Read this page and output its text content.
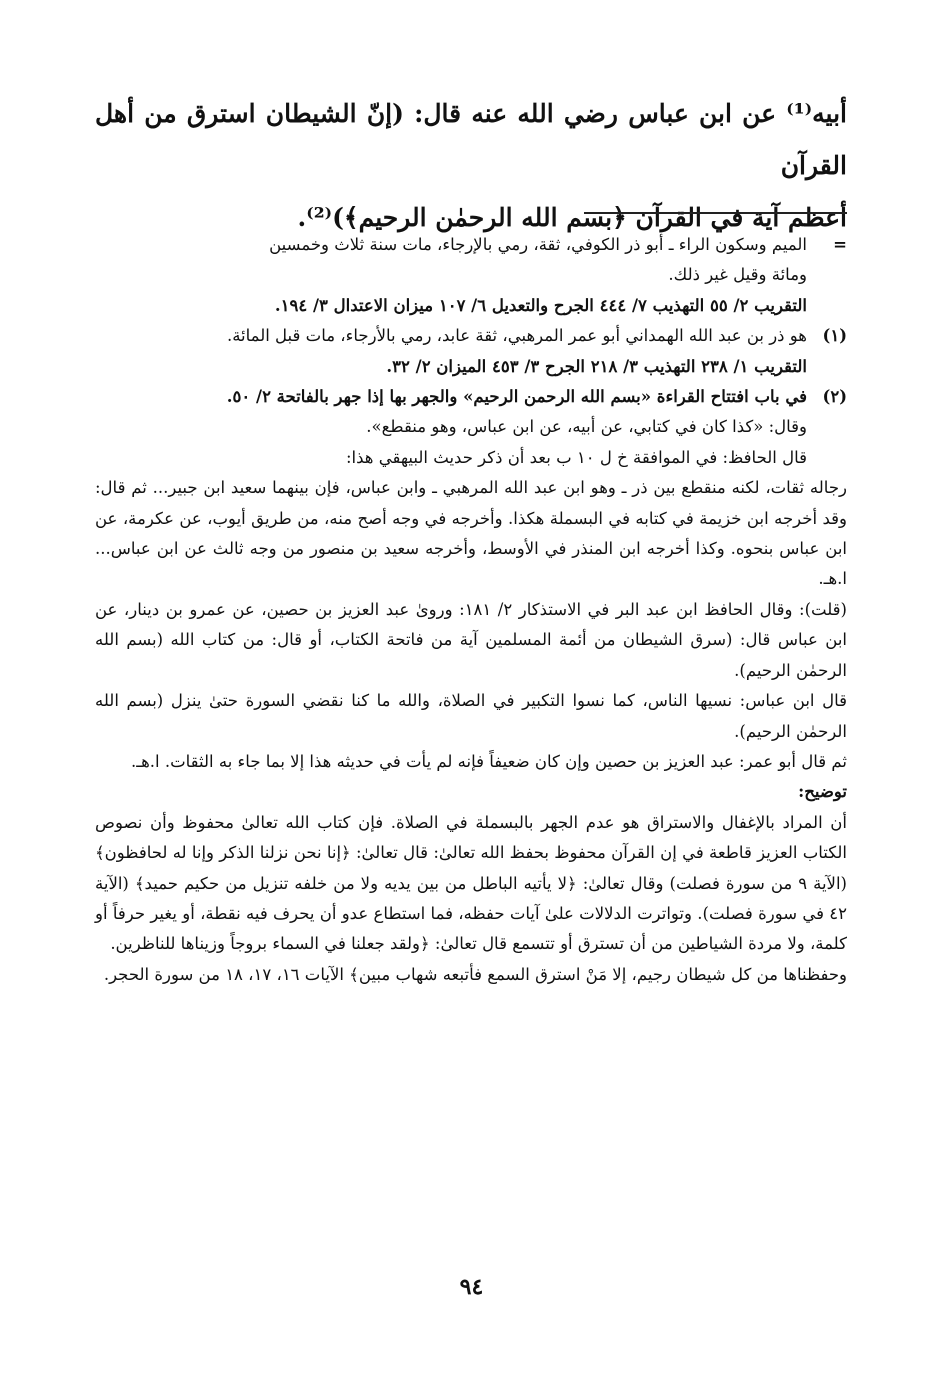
أبيه⁽¹⁾ عن ابن عباس رضي الله عنه قال: (إنّ الشيطان استرق من أهل القرآن

أعظم آية في القرآن ﴿بسم الله الرحمٰن الرحيم﴾)⁽²⁾.

=

الميم وسكون الراء ـ أبو ذر الكوفي، ثقة، رمي بالإرجاء، مات سنة ثلاث وخمسين

ومائة وقيل غير ذلك.

التقريب ٢/ ٥٥ التهذيب ٧/ ٤٤٤ الجرح والتعديل ٦/ ١٠٧ ميزان الاعتدال ٣/ ١٩٤.

(١)

هو ذر بن عبد الله الهمداني أبو عمر المرهبي، ثقة عابد، رمي بالأرجاء، مات قبل المائة.

التقريب ١/ ٢٣٨ التهذيب ٣/ ٢١٨ الجرح ٣/ ٤٥٣ الميزان ٢/ ٣٢.

(٢)

في باب افتتاح القراءة «بسم الله الرحمن الرحيم» والجهر بها إذا جهر بالفاتحة ٢/ ٥٠.

وقال: «كذا كان في كتابي، عن أبيه، عن ابن عباس، وهو منقطع».

قال الحافظ: في الموافقة خ ل ١٠ ب بعد أن ذكر حديث البيهقي هذا:

رجاله ثقات، لكنه منقطع بين ذر ـ وهو ابن عبد الله المرهبي ـ وابن عباس، فإن بينهما سعيد ابن جبير... ثم قال: وقد أخرجه ابن خزيمة في كتابه في البسملة هكذا. وأخرجه في وجه أصح منه، من طريق أيوب، عن عكرمة، عن ابن عباس بنحوه. وكذا أخرجه ابن المنذر في الأوسط، وأخرجه سعيد بن منصور من وجه ثالث عن ابن عباس... ا.هـ.

(قلت): وقال الحافظ ابن عبد البر في الاستذكار ٢/ ١٨١: وروىٰ عبد العزيز بن حصين، عن عمرو بن دينار، عن ابن عباس قال: (سرق الشيطان من أئمة المسلمين آية من فاتحة الكتاب، أو قال: من كتاب الله (بسم الله الرحمٰن الرحيم).

قال ابن عباس: نسيها الناس، كما نسوا التكبير في الصلاة، والله ما كنا نقضي السورة حتىٰ ينزل (بسم الله الرحمٰن الرحيم).

ثم قال أبو عمر: عبد العزيز بن حصين وإن كان ضعيفاً فإنه لم يأت في حديثه هذا إلا بما جاء به الثقات. ا.هـ.

توضيح:

أن المراد بالإغفال والاستراق هو عدم الجهر بالبسملة في الصلاة. فإن كتاب الله تعالىٰ محفوظ وأن نصوص الكتاب العزيز قاطعة في إن القرآن محفوظ بحفظ الله تعالىٰ: قال تعالىٰ: ﴿إنا نحن نزلنا الذكر وإنا له لحافظون﴾ (الآية ٩ من سورة فصلت) وقال تعالىٰ: ﴿لا يأتيه الباطل من بين يديه ولا من خلفه تنزيل من حكيم حميد﴾ (الآية ٤٢ في سورة فصلت). وتواترت الدلالات علىٰ آيات حفظه، فما استطاع عدو أن يحرف فيه نقطة، أو يغير حرفاً أو كلمة، ولا مردة الشياطين من أن تسترق أو تتسمع قال تعالىٰ: ﴿ولقد جعلنا في السماء بروجاً وزيناها للناظرين.

وحفظناها من كل شيطان رجيم، إلا مَنْ استرق السمع فأتبعه شهاب مبين﴾ الآيات ١٦، ١٧، ١٨ من سورة الحجر.

٩٤
